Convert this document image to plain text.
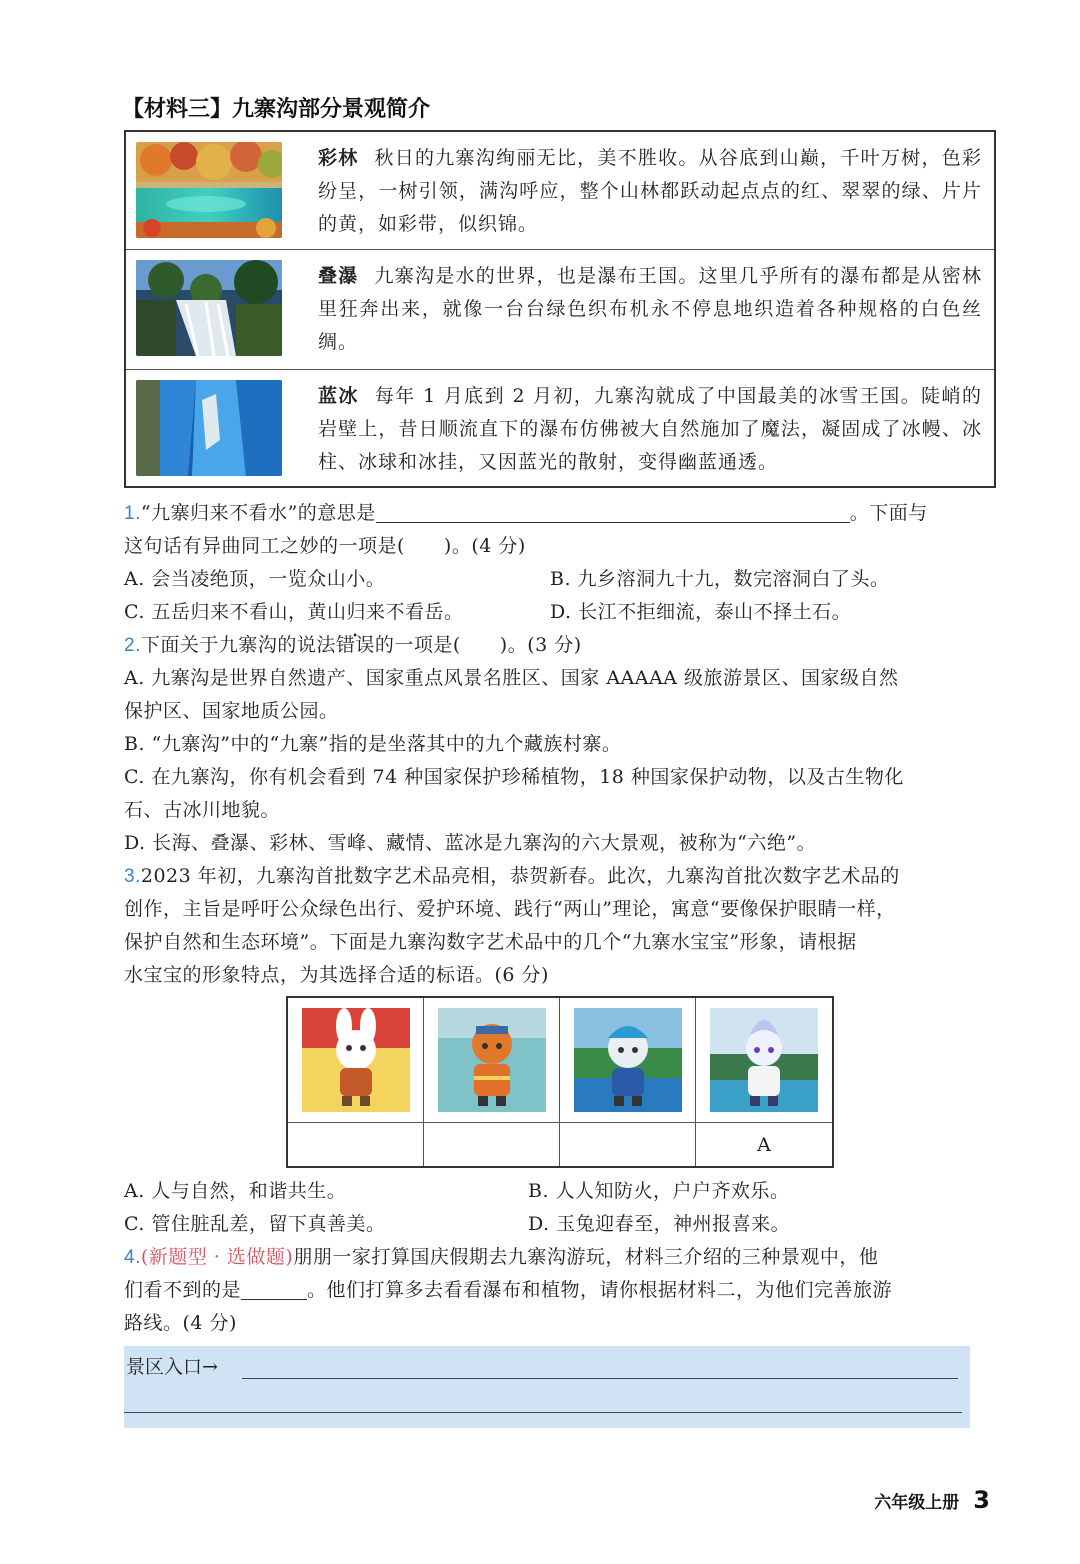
【材料三】九寨沟部分景观简介
彩林 秋日的九寨沟绚丽无比，美不胜收。从谷底到山巅，千叶万树，色彩纷呈，一树引领，满沟呼应，整个山林都跃动起点点的红、翠翠的绿、片片的黄，如彩带，似织锦。
叠瀑 九寨沟是水的世界，也是瀑布王国。这里几乎所有的瀑布都是从密林里狂奔出来，就像一台台绿色织布机永不停息地织造着各种规格的白色丝绸。
蓝冰 每年 1 月底到 2 月初，九寨沟就成了中国最美的冰雪王国。陡峭的岩壁上，昔日顺流直下的瀑布仿佛被大自然施加了魔法，凝固成了冰幔、冰柱、冰球和冰挂，又因蓝光的散射，变得幽蓝通透。
1.“九寨归来不看水”的意思是	。下面与
这句话有异曲同工之妙的一项是(　　)。(4 分)
A. 会当凌绝顶，一览众山小。	B. 九乡溶洞九十九，数完溶洞白了头。
C. 五岳归来不看山，黄山归来不看岳。	D. 长江不拒细流，泰山不择土石。
2.下面关于九寨沟的说法错误的一项是(　　)。(3 分)
A. 九寨沟是世界自然遗产、国家重点风景名胜区、国家 AAAAA 级旅游景区、国家级自然
保护区、国家地质公园。
B. “九寨沟”中的“九寨”指的是坐落其中的九个藏族村寨。
C. 在九寨沟，你有机会看到 74 种国家保护珍稀植物，18 种国家保护动物，以及古生物化
石、古冰川地貌。
D. 长海、叠瀑、彩林、雪峰、藏情、蓝冰是九寨沟的六大景观，被称为“六绝”。
3.2023 年初，九寨沟首批数字艺术品亮相，恭贺新春。此次，九寨沟首批次数字艺术品的
创作，主旨是呼吁公众绿色出行、爱护环境、践行“两山”理论，寓意“要像保护眼睛一样，
保护自然和生态环境”。下面是九寨沟数字艺术品中的几个“九寨水宝宝”形象，请根据
水宝宝的形象特点，为其选择合适的标语。(6 分)
A
A. 人与自然，和谐共生。	B. 人人知防火，户户齐欢乐。
C. 管住脏乱差，留下真善美。	D. 玉兔迎春至，神州报喜来。
4.(新题型 · 选做题)朋朋一家打算国庆假期去九寨沟游玩，材料三介绍的三种景观中，他
们看不到的是	。他们打算多去看看瀑布和植物，请你根据材料二，为他们完善旅游
路线。(4 分)
景区入口→
六年级上册 3
